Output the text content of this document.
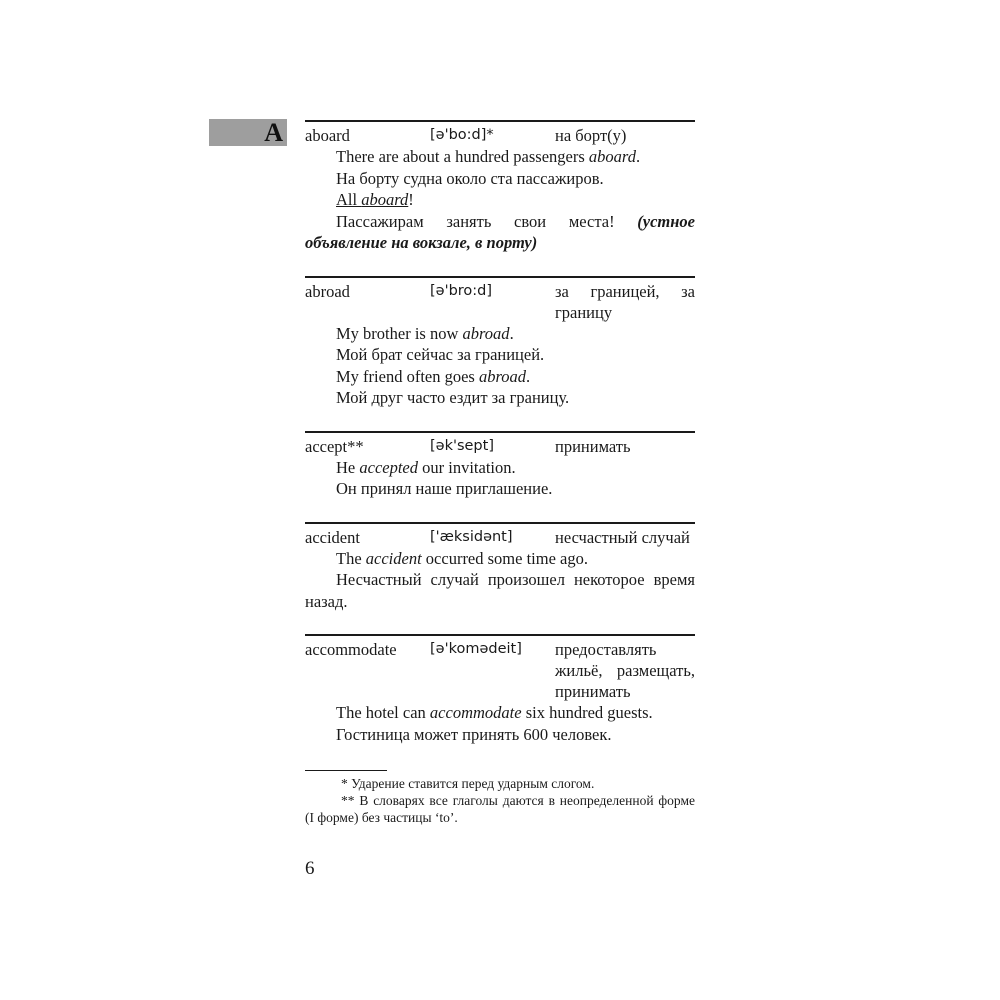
A aboard	[ə'bo:d]*	на борт(у)

There are about a hundred passengers aboard.

На борту судна около ста пассажиров.

All aboard!

Пассажирам занять свои места! (устное объявление на вокзале, в порту)

abroad	[ə'bro:d]	за границей, за границу

My brother is now abroad.

Мой брат сейчас за границей.

My friend often goes abroad.

Мой друг часто ездит за границу.

accept**	[ək'sept]	принимать

He accepted our invitation.

Он принял наше приглашение.

accident	['æksidənt]	несчастный случай

The accident occurred some time ago.

Несчастный случай произошел некоторое время назад.

accommodate	[ə'komədeit]	предоставлять жильё, размещать, принимать

The hotel can accommodate six hundred guests.

Гостиница может принять 600 человек.

* Ударение ставится перед ударным слогом.

** В словарях все глаголы даются в неопределенной форме (I форме) без частицы ‘to’.

6
